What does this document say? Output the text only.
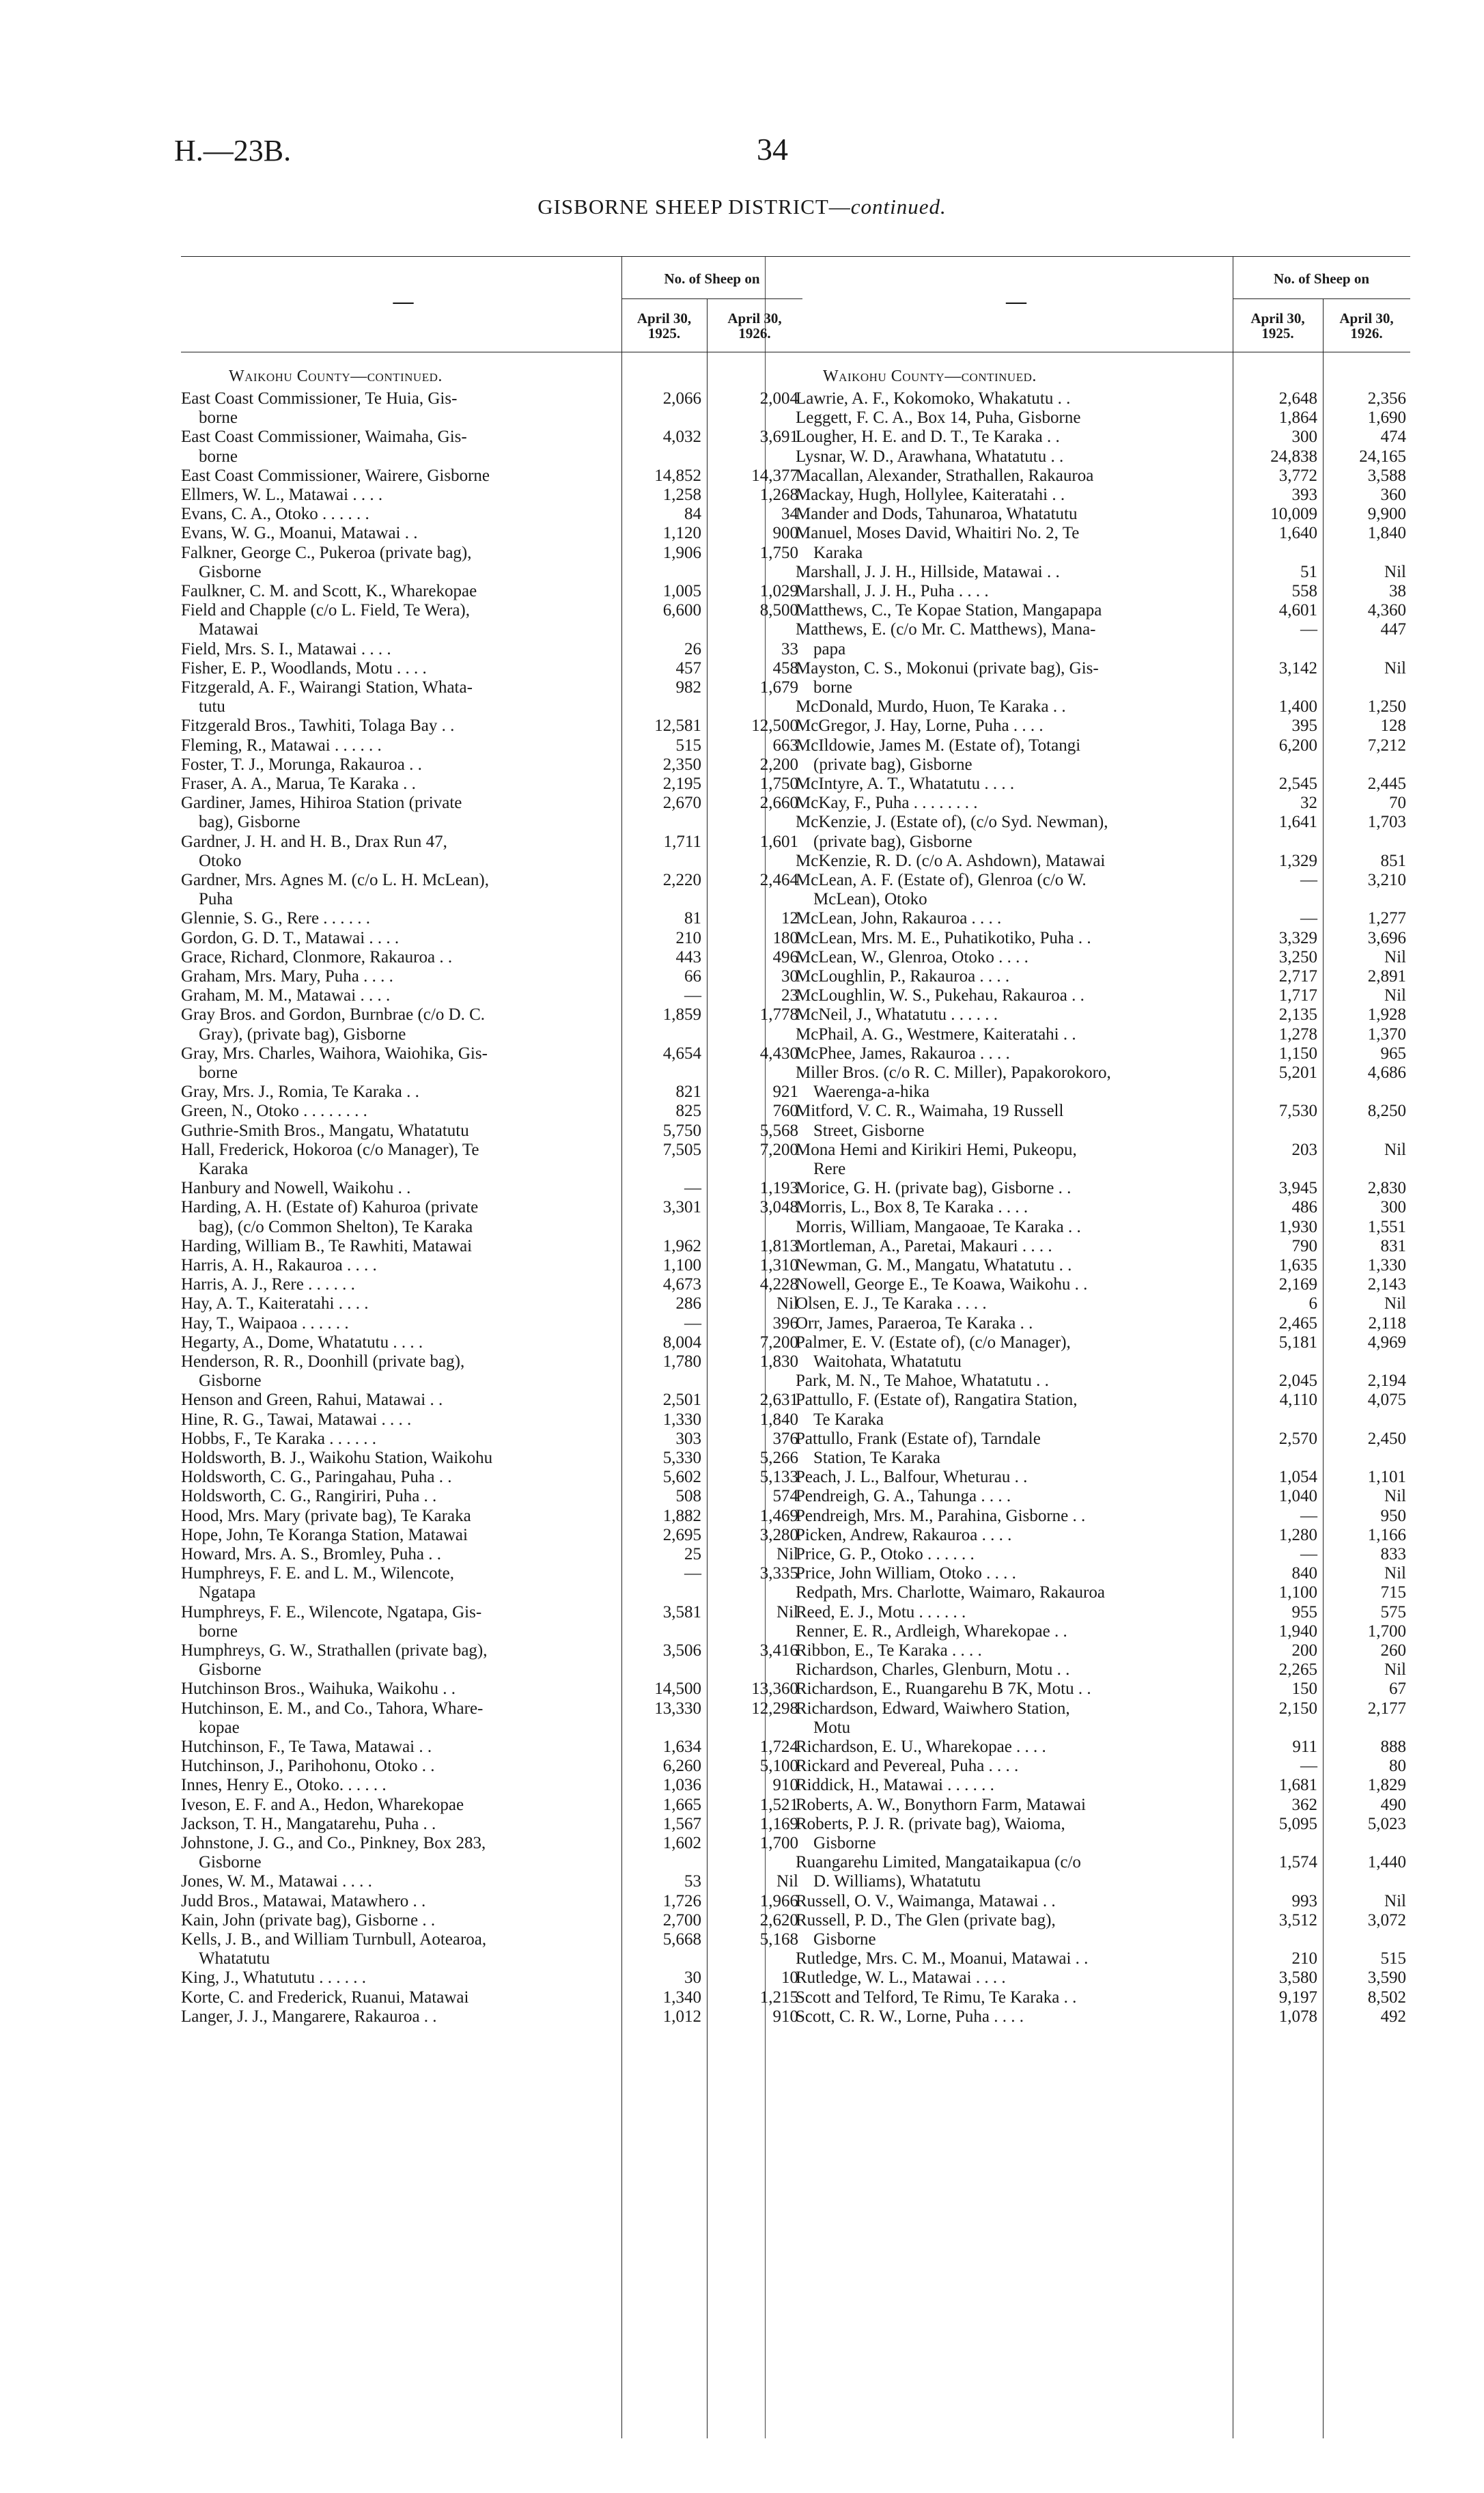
H.—23B.	34
GISBORNE SHEEP DISTRICT—continued.
No. of Sheep on
April 30, 1925.
April 30, 1926.
—
Waikohu County—continued.
East Coast Commissioner, Te Huia, Gis-
borne
2,066	2,004
East Coast Commissioner, Waimaha, Gis-
borne
4,032	3,691
East Coast Commissioner, Wairere, Gisborne	14,852	14,377
Ellmers, W. L., Matawai . . . .	1,258	1,268
Evans, C. A., Otoko . . . . . .	84	34
Evans, W. G., Moanui, Matawai . .	1,120	900
Falkner, George C., Pukeroa (private bag),
Gisborne
1,906	1,750
Faulkner, C. M. and Scott, K., Wharekopae	1,005	1,029
Field and Chapple (c/o L. Field, Te Wera),
Matawai
6,600	8,500
Field, Mrs. S. I., Matawai . . . .	26	33
Fisher, E. P., Woodlands, Motu . . . .	457	458
Fitzgerald, A. F., Wairangi Station, Whata-
tutu
982	1,679
Fitzgerald Bros., Tawhiti, Tolaga Bay . .	12,581	12,500
Fleming, R., Matawai . . . . . .	515	663
Foster, T. J., Morunga, Rakauroa . .	2,350	2,200
Fraser, A. A., Marua, Te Karaka . .	2,195	1,750
Gardiner, James, Hihiroa Station (private
bag), Gisborne
2,670	2,660
Gardner, J. H. and H. B., Drax Run 47,
Otoko
1,711	1,601
Gardner, Mrs. Agnes M. (c/o L. H. McLean),
Puha
2,220	2,464
Glennie, S. G., Rere . . . . . .	81	12
Gordon, G. D. T., Matawai . . . .	210	180
Grace, Richard, Clonmore, Rakauroa . .	443	496
Graham, Mrs. Mary, Puha . . . .	66	30
Graham, M. M., Matawai . . . .	—	23
Gray Bros. and Gordon, Burnbrae (c/o D. C.
Gray), (private bag), Gisborne
1,859	1,778
Gray, Mrs. Charles, Waihora, Waiohika, Gis-
borne
4,654	4,430
Gray, Mrs. J., Romia, Te Karaka . .	821	921
Green, N., Otoko . . . . . . . .	825	760
Guthrie-Smith Bros., Mangatu, Whatatutu	5,750	5,568
Hall, Frederick, Hokoroa (c/o Manager), Te
Karaka
7,505	7,200
Hanbury and Nowell, Waikohu . .	—	1,193
Harding, A. H. (Estate of) Kahuroa (private
bag), (c/o Common Shelton), Te Karaka
3,301	3,048
Harding, William B., Te Rawhiti, Matawai	1,962	1,813
Harris, A. H., Rakauroa . . . .	1,100	1,310
Harris, A. J., Rere . . . . . .	4,673	4,228
Hay, A. T., Kaiteratahi . . . .	286	Nil
Hay, T., Waipaoa . . . . . .	—	396
Hegarty, A., Dome, Whatatutu . . . .	8,004	7,200
Henderson, R. R., Doonhill (private bag),
Gisborne
1,780	1,830
Henson and Green, Rahui, Matawai . .	2,501	2,631
Hine, R. G., Tawai, Matawai . . . .	1,330	1,840
Hobbs, F., Te Karaka . . . . . .	303	376
Holdsworth, B. J., Waikohu Station, Waikohu	5,330	5,266
Holdsworth, C. G., Paringahau, Puha . .	5,602	5,133
Holdsworth, C. G., Rangiriri, Puha . .	508	574
Hood, Mrs. Mary (private bag), Te Karaka	1,882	1,469
Hope, John, Te Koranga Station, Matawai	2,695	3,280
Howard, Mrs. A. S., Bromley, Puha . .	25	Nil
Humphreys, F. E. and L. M., Wilencote,
Ngatapa
—	3,335
Humphreys, F. E., Wilencote, Ngatapa, Gis-
borne
3,581	Nil
Humphreys, G. W., Strathallen (private bag),
Gisborne
3,506	3,416
Hutchinson Bros., Waihuka, Waikohu . .	14,500	13,360
Hutchinson, E. M., and Co., Tahora, Whare-
kopae
13,330	12,298
Hutchinson, F., Te Tawa, Matawai . .	1,634	1,724
Hutchinson, J., Parihohonu, Otoko . .	6,260	5,100
Innes, Henry E., Otoko. . . . . .	1,036	910
Iveson, E. F. and A., Hedon, Wharekopae	1,665	1,521
Jackson, T. H., Mangatarehu, Puha . .	1,567	1,169
Johnstone, J. G., and Co., Pinkney, Box 283,
Gisborne
1,602	1,700
Jones, W. M., Matawai . . . .	53	Nil
Judd Bros., Matawai, Matawhero . .	1,726	1,966
Kain, John (private bag), Gisborne . .	2,700	2,620
Kells, J. B., and William Turnbull, Aotearoa,
Whatatutu
5,668	5,168
King, J., Whatututu . . . . . .	30	10
Korte, C. and Frederick, Ruanui, Matawai	1,340	1,215
Langer, J. J., Mangarere, Rakauroa . .	1,012	910
No. of Sheep on
April 30, 1925.
April 30, 1926.
—
Waikohu County—continued.
Lawrie, A. F., Kokomoko, Whakatutu . .	2,648	2,356
Leggett, F. C. A., Box 14, Puha, Gisborne	1,864	1,690
Lougher, H. E. and D. T., Te Karaka . .	300	474
Lysnar, W. D., Arawhana, Whatatutu . .	24,838	24,165
Macallan, Alexander, Strathallen, Rakauroa	3,772	3,588
Mackay, Hugh, Hollylee, Kaiteratahi . .	393	360
Mander and Dods, Tahunaroa, Whatatutu	10,009	9,900
Manuel, Moses David, Whaitiri No. 2, Te
Karaka
1,640	1,840
Marshall, J. J. H., Hillside, Matawai . .	51	Nil
Marshall, J. J. H., Puha . . . .	558	38
Matthews, C., Te Kopae Station, Mangapapa	4,601	4,360
Matthews, E. (c/o Mr. C. Matthews), Mana-
papa
—	447
Mayston, C. S., Mokonui (private bag), Gis-
borne
3,142	Nil
McDonald, Murdo, Huon, Te Karaka . .	1,400	1,250
McGregor, J. Hay, Lorne, Puha . . . .	395	128
McIldowie, James M. (Estate of), Totangi
(private bag), Gisborne
6,200	7,212
McIntyre, A. T., Whatatutu . . . .	2,545	2,445
McKay, F., Puha . . . . . . . .	32	70
McKenzie, J. (Estate of), (c/o Syd. Newman),
(private bag), Gisborne
1,641	1,703
McKenzie, R. D. (c/o A. Ashdown), Matawai	1,329	851
McLean, A. F. (Estate of), Glenroa (c/o W.
McLean), Otoko
—	3,210
McLean, John, Rakauroa . . . .	—	1,277
McLean, Mrs. M. E., Puhatikotiko, Puha . .	3,329	3,696
McLean, W., Glenroa, Otoko . . . .	3,250	Nil
McLoughlin, P., Rakauroa . . . .	2,717	2,891
McLoughlin, W. S., Pukehau, Rakauroa . .	1,717	Nil
McNeil, J., Whatatutu . . . . . .	2,135	1,928
McPhail, A. G., Westmere, Kaiteratahi . .	1,278	1,370
McPhee, James, Rakauroa . . . .	1,150	965
Miller Bros. (c/o R. C. Miller), Papakorokoro,
Waerenga-a-hika
5,201	4,686
Mitford, V. C. R., Waimaha, 19 Russell
Street, Gisborne
7,530	8,250
Mona Hemi and Kirikiri Hemi, Pukeopu,
Rere
203	Nil
Morice, G. H. (private bag), Gisborne . .	3,945	2,830
Morris, L., Box 8, Te Karaka . . . .	486	300
Morris, William, Mangaoae, Te Karaka . .	1,930	1,551
Mortleman, A., Paretai, Makauri . . . .	790	831
Newman, G. M., Mangatu, Whatatutu . .	1,635	1,330
Nowell, George E., Te Koawa, Waikohu . .	2,169	2,143
Olsen, E. J., Te Karaka . . . .	6	Nil
Orr, James, Paraeroa, Te Karaka . .	2,465	2,118
Palmer, E. V. (Estate of), (c/o Manager),
Waitohata, Whatatutu
5,181	4,969
Park, M. N., Te Mahoe, Whatatutu . .	2,045	2,194
Pattullo, F. (Estate of), Rangatira Station,
Te Karaka
4,110	4,075
Pattullo, Frank (Estate of), Tarndale
Station, Te Karaka
2,570	2,450
Peach, J. L., Balfour, Wheturau . .	1,054	1,101
Pendreigh, G. A., Tahunga . . . .	1,040	Nil
Pendreigh, Mrs. M., Parahina, Gisborne . .	—	950
Picken, Andrew, Rakauroa . . . .	1,280	1,166
Price, G. P., Otoko . . . . . .	—	833
Price, John William, Otoko . . . .	840	Nil
Redpath, Mrs. Charlotte, Waimaro, Rakauroa	1,100	715
Reed, E. J., Motu . . . . . .	955	575
Renner, E. R., Ardleigh, Wharekopae . .	1,940	1,700
Ribbon, E., Te Karaka . . . .	200	260
Richardson, Charles, Glenburn, Motu . .	2,265	Nil
Richardson, E., Ruangarehu B 7K, Motu . .	150	67
Richardson, Edward, Waiwhero Station,
Motu
2,150	2,177
Richardson, E. U., Wharekopae . . . .	911	888
Rickard and Pevereal, Puha . . . .	—	80
Riddick, H., Matawai . . . . . .	1,681	1,829
Roberts, A. W., Bonythorn Farm, Matawai	362	490
Roberts, P. J. R. (private bag), Waioma,
Gisborne
5,095	5,023
Ruangarehu Limited, Mangataikapua (c/o
D. Williams), Whatatutu
1,574	1,440
Russell, O. V., Waimanga, Matawai . .	993	Nil
Russell, P. D., The Glen (private bag),
Gisborne
3,512	3,072
Rutledge, Mrs. C. M., Moanui, Matawai . .	210	515
Rutledge, W. L., Matawai . . . .	3,580	3,590
Scott and Telford, Te Rimu, Te Karaka . .	9,197	8,502
Scott, C. R. W., Lorne, Puha . . . .	1,078	492
